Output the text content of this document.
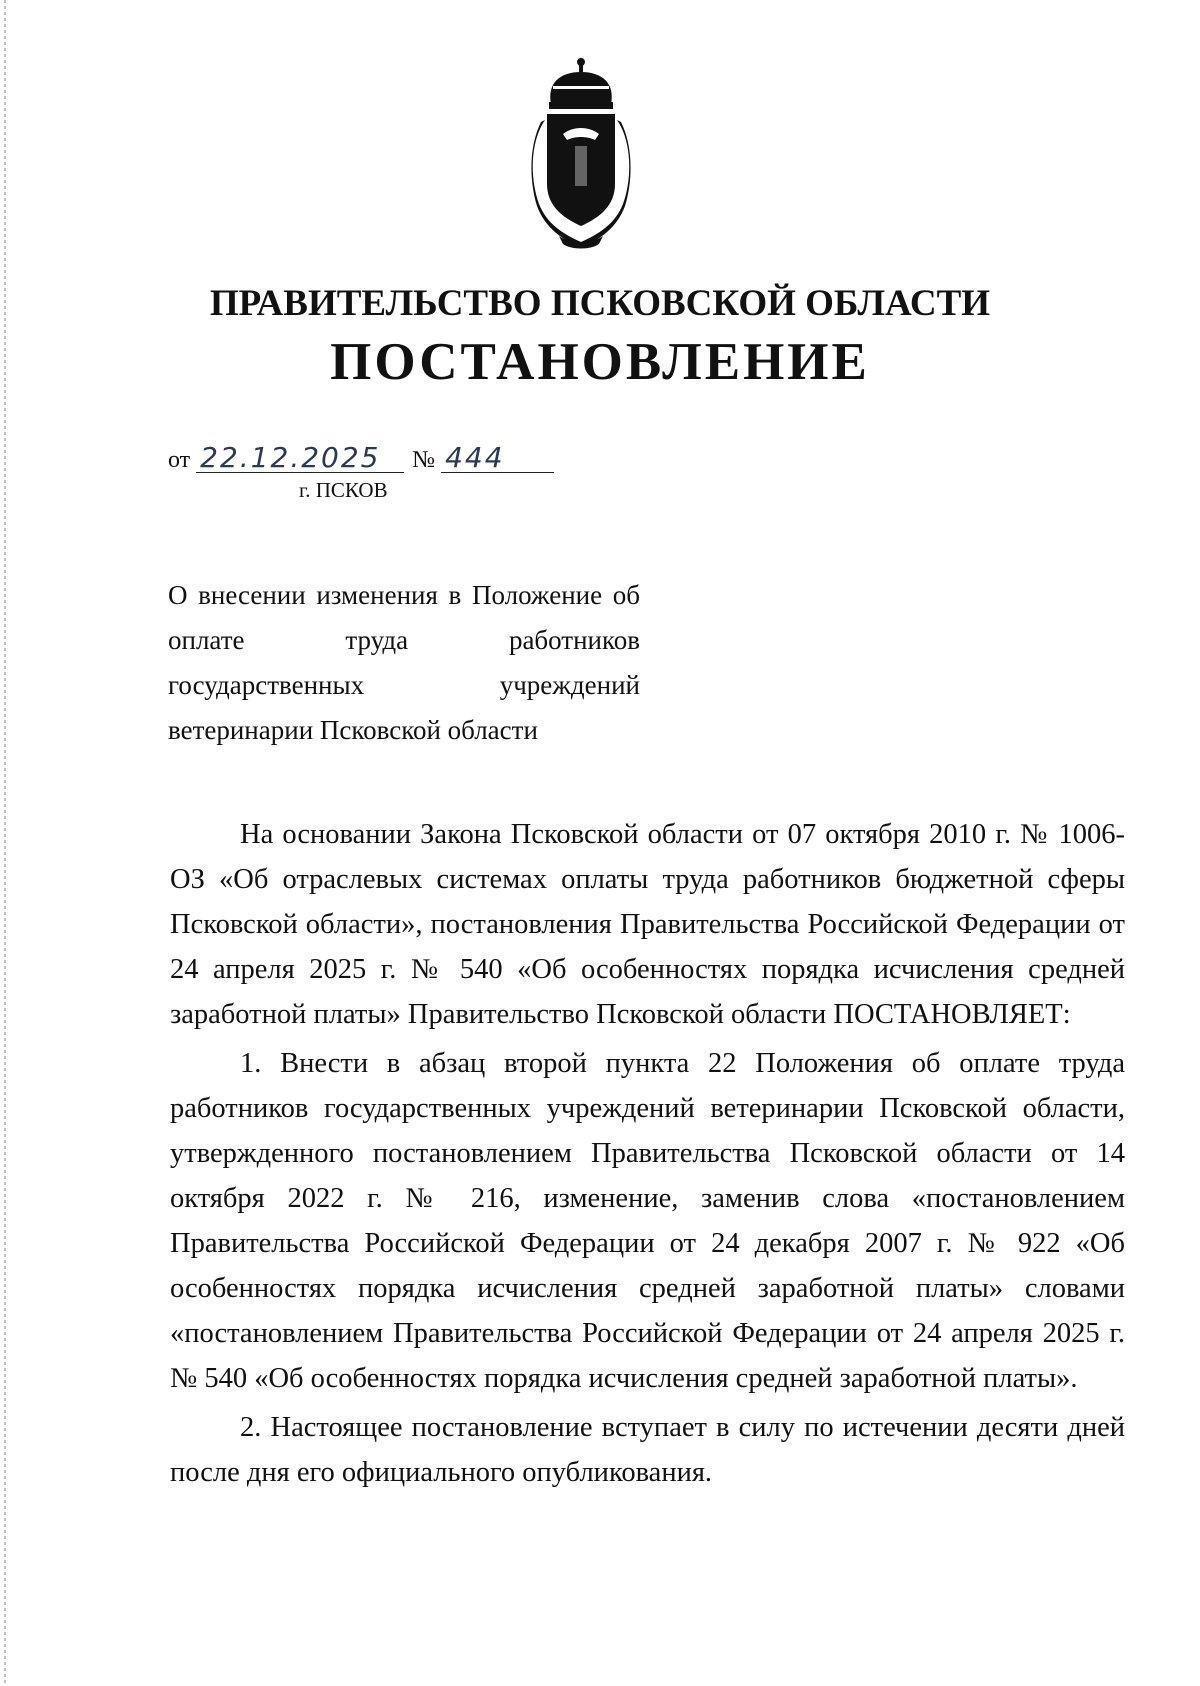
ПРАВИТЕЛЬСТВО ПСКОВСКОЙ ОБЛАСТИ
ПОСТАНОВЛЕНИЕ
от 22.12.2025	№ 444
г. ПСКОВ

О внесении изменения в Положение об оплате труда работников государственных учреждений
ветеринарии Псковской области

На основании Закона Псковской области от 07 октября 2010 г. № 1006-ОЗ «Об отраслевых системах оплаты труда работников бюджетной сферы Псковской области», постановления Правительства Российской Федерации от 24 апреля 2025 г. № 540 «Об особенностях порядка исчисления средней заработной платы» Правительство Псковской области ПОСТАНОВЛЯЕТ:

1. Внести в абзац второй пункта 22 Положения об оплате труда работников государственных учреждений ветеринарии Псковской области, утвержденного постановлением Правительства Псковской области от 14 октября 2022 г. № 216, изменение, заменив слова «постановлением Правительства Российской Федерации от 24 декабря 2007 г. № 922 «Об особенностях порядка исчисления средней заработной платы» словами «постановлением Правительства Российской Федерации от 24 апреля 2025 г. № 540 «Об особенностях порядка исчисления средней заработной платы».

2. Настоящее постановление вступает в силу по истечении десяти дней после дня его официального опубликования.
